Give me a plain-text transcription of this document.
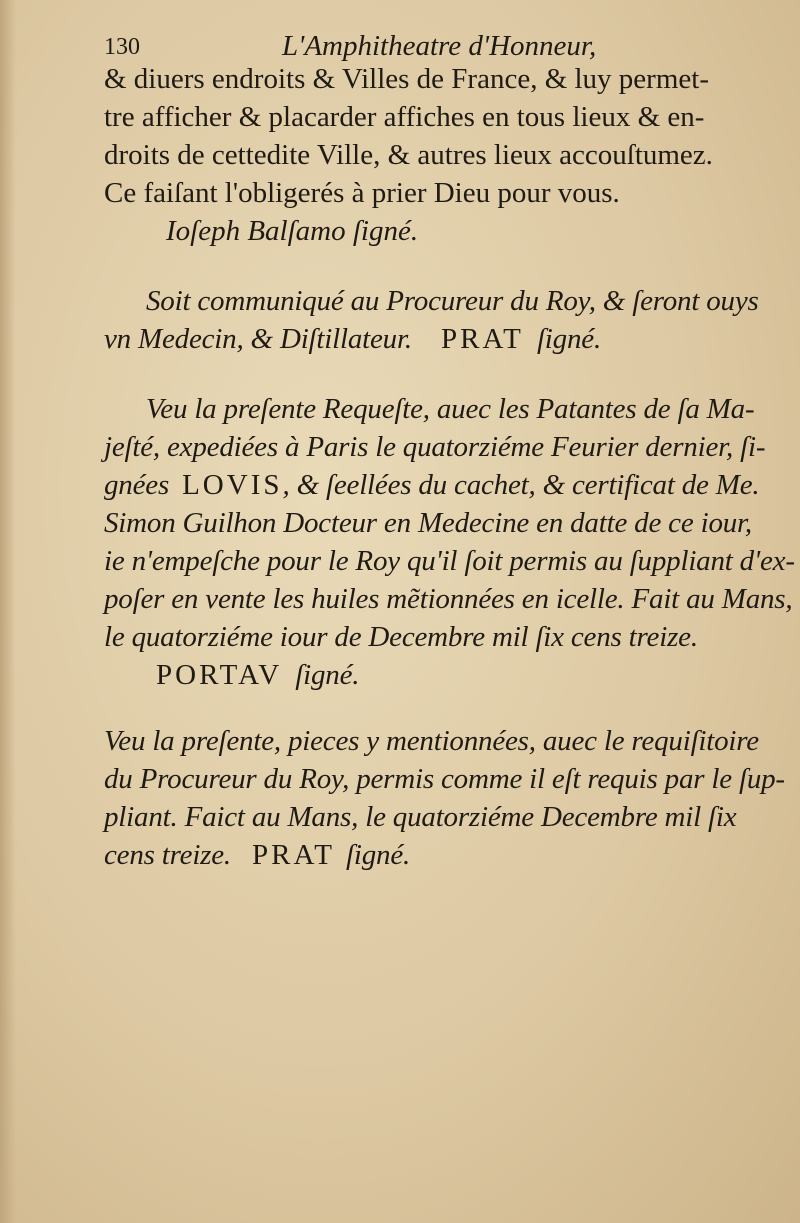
130	L'Amphitheatre d'Honneur,
& diuers endroits & Villes de France, & luy permet-
tre afficher & placarder affiches en tous lieux & en-
droits de cettedite Ville, & autres lieux accouſtumez.
Ce faiſant l'obligerés à prier Dieu pour vous.
Ioſeph Balſamo ſigné.
Soit communiqué au Procureur du Roy, & ſeront ouys
vn Medecin, & Diſtillateur. PRAT ſigné.
Veu la preſente Requeſte, auec les Patantes de ſa Ma-
jeſté, expediées à Paris le quatorziéme Feurier dernier, ſi-
gnées LOVIS, & ſeellées du cachet, & certificat de Me.
Simon Guilhon Docteur en Medecine en datte de ce iour,
ie n'empeſche pour le Roy qu'il ſoit permis au ſuppliant d'ex-
poſer en vente les huiles mẽtionnées en icelle. Fait au Mans,
le quatorziéme iour de Decembre mil ſix cens treize.
PORTAV ſigné.
Veu la preſente, pieces y mentionnées, auec le requiſitoire
du Procureur du Roy, permis comme il eſt requis par le ſup-
pliant. Faict au Mans, le quatorziéme Decembre mil ſix
cens treize. PRAT ſigné.
